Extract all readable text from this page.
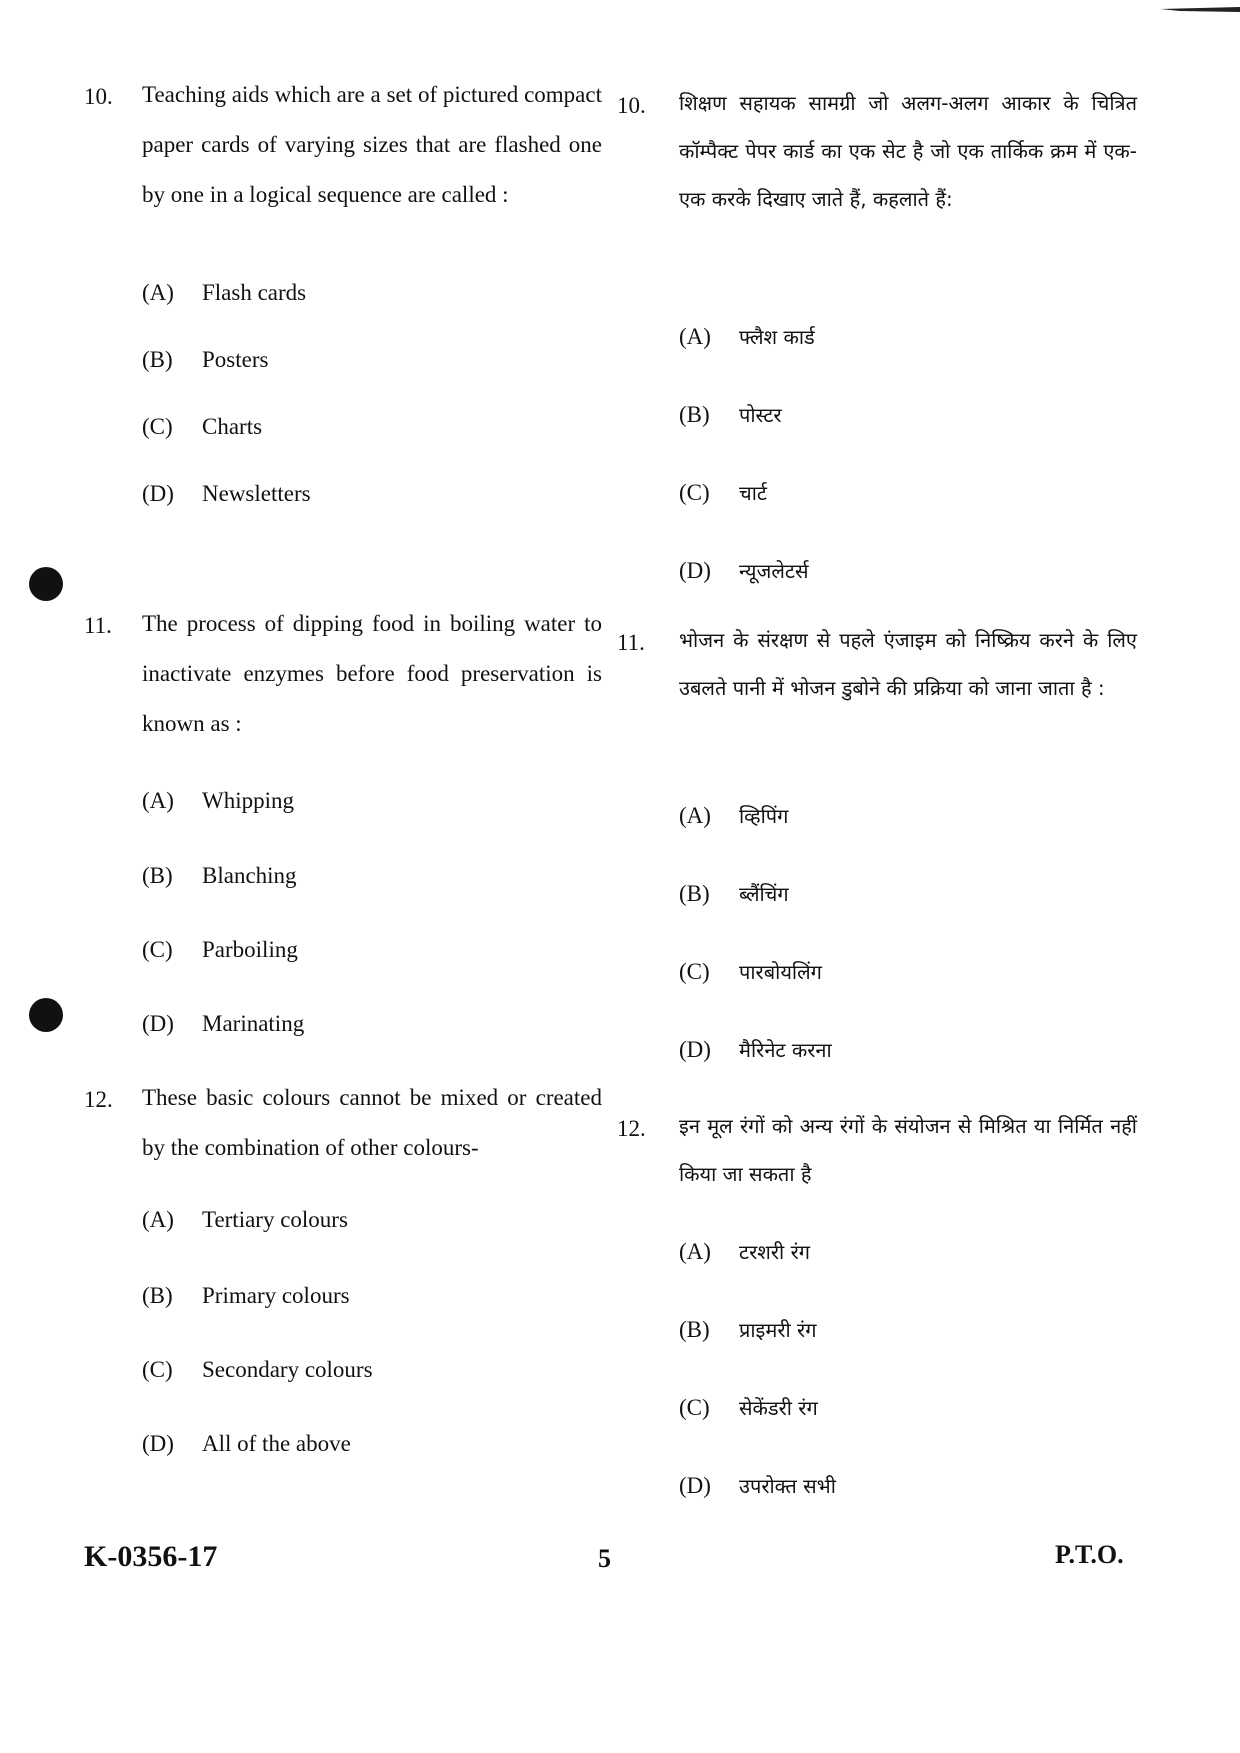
10. Teaching aids which are a set of pictured compact paper cards of varying sizes that are flashed one by one in a logical sequence are called :
(A) Flash cards
(B) Posters
(C) Charts
(D) Newsletters
11. The process of dipping food in boiling water to inactivate enzymes before food preservation is known as :
(A) Whipping
(B) Blanching
(C) Parboiling
(D) Marinating
12. These basic colours cannot be mixed or created by the combination of other colours-
(A) Tertiary colours
(B) Primary colours
(C) Secondary colours
(D) All of the above
10. शिक्षण सहायक सामग्री जो अलग-अलग आकार के चित्रित कॉम्पैक्ट पेपर कार्ड का एक सेट है जो एक तार्किक क्रम में एक-एक करके दिखाए जाते हैं, कहलाते हैं:
(A) फ्लैश कार्ड
(B) पोस्टर
(C) चार्ट
(D) न्यूजलेटर्स
11. भोजन के संरक्षण से पहले एंजाइम को निष्क्रिय करने के लिए उबलते पानी में भोजन डुबोने की प्रक्रिया को जाना जाता है :
(A) व्हिपिंग
(B) ब्लैंचिंग
(C) पारबोयलिंग
(D) मैरिनेट करना
12. इन मूल रंगों को अन्य रंगों के संयोजन से मिश्रित या निर्मित नहीं किया जा सकता है
(A) टरशरी रंग
(B) प्राइमरी रंग
(C) सेकेंडरी रंग
(D) उपरोक्त सभी
K-0356-17	5	P.T.O.
